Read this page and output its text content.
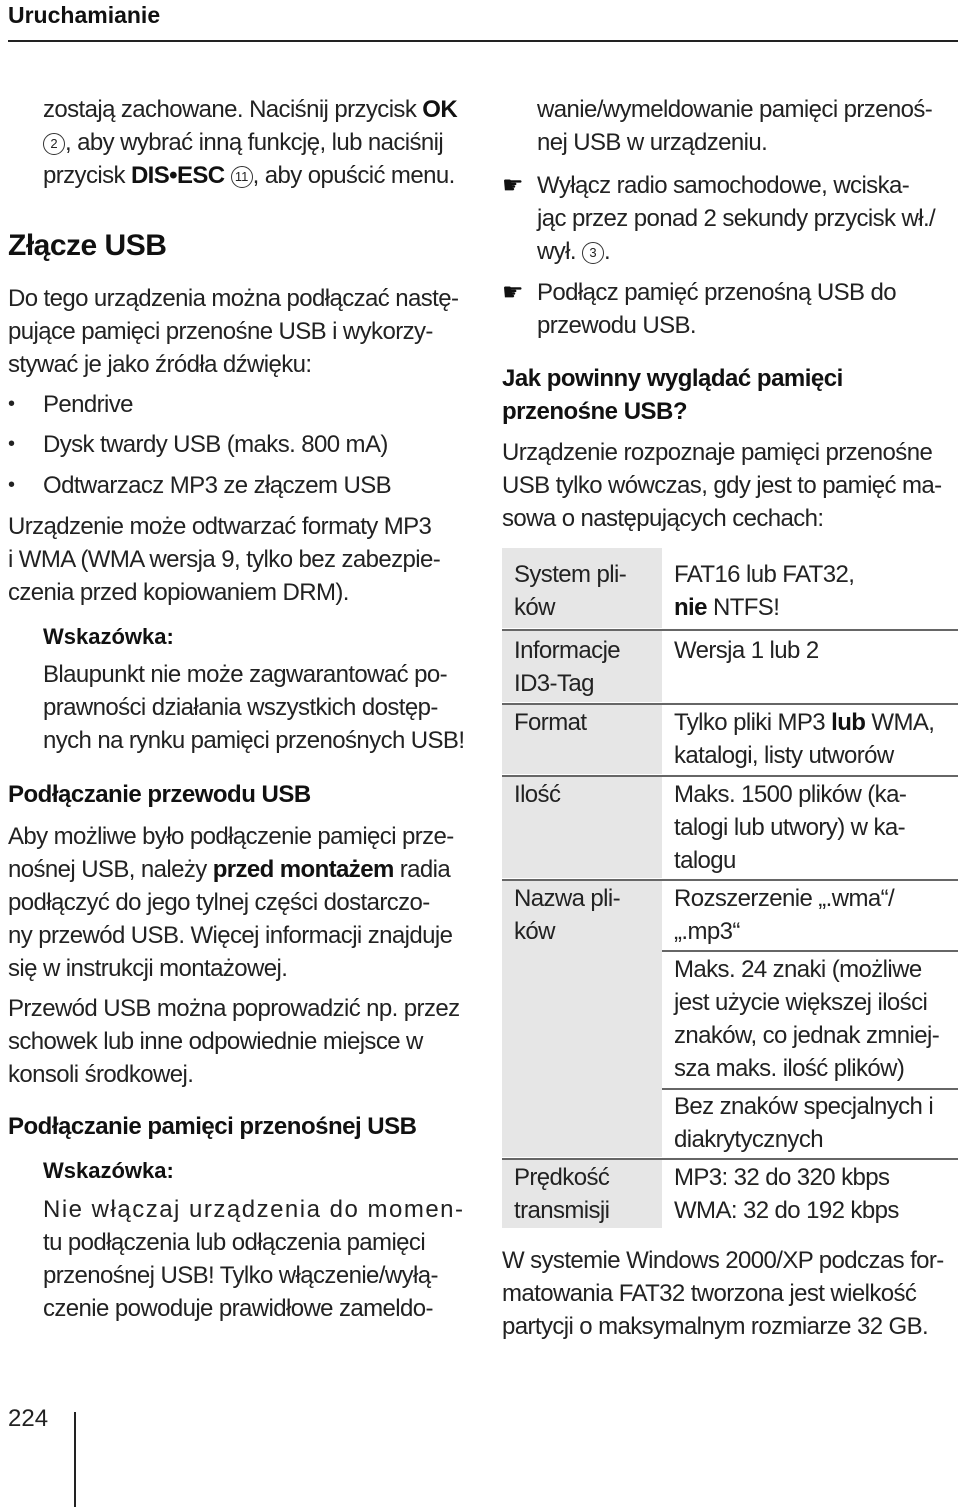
Uruchamianie

zostają zachowane. Naciśnij przycisk OK

2 , aby wybrać inną funkcję, lub naciśnij

przycisk DIS•ESC 11 , aby opuścić menu.

Złącze USB

Do tego urządzenia można podłączać nastę-

pujące pamięci przenośne USB i wykorzy-

stywać je jako źródła dźwięku:

• Pendrive

• Dysk twardy USB (maks. 800 mA)

• Odtwarzacz MP3 ze złączem USB

Urządzenie może odtwarzać formaty MP3

i WMA (WMA wersja 9, tylko bez zabezpie-

czenia przed kopiowaniem DRM).

Wskazówka:

Blaupunkt nie może zagwarantować po-

prawności działania wszystkich dostęp-

nych na rynku pamięci przenośnych USB!

Podłączanie przewodu USB

Aby możliwe było podłączenie pamięci prze-

nośnej USB, należy przed montażem radia

podłączyć do jego tylnej części dostarczo-

ny przewód USB. Więcej informacji znajduje

się w instrukcji montażowej.

Przewód USB można poprowadzić np. przez

schowek lub inne odpowiednie miejsce w

konsoli środkowej.

Podłączanie pamięci przenośnej USB

Wskazówka:

Nie włączaj urządzenia do momen-

tu podłączenia lub odłączenia pamięci

przenośnej USB! Tylko włączenie/wyłą-

czenie powoduje prawidłowe zameldo-

wanie/wymeldowanie pamięci przenoś-

nej USB w urządzeniu.

☛ Wyłącz radio samochodowe, wciska-

jąc przez ponad 2 sekundy przycisk wł./

wył. 3 .

☛ Podłącz pamięć przenośną USB do

przewodu USB.

Jak powinny wyglądać pamięci

przenośne USB?

Urządzenie rozpoznaje pamięci przenośne

USB tylko wówczas, gdy jest to pamięć ma-

sowa o następujących cechach:

System pli-

ków

FAT16 lub FAT32,

nie NTFS!

Informacje

ID3-Tag

Wersja 1 lub 2

Format	Tylko pliki MP3 lub WMA,

katalogi, listy utworów

Ilość	Maks. 1500 plików (ka-

talogi lub utwory) w ka-

talogu

Nazwa pli-

ków

Rozszerzenie „.wma“/

„.mp3“

Maks. 24 znaki (możliwe

jest użycie większej ilości

znaków, co jednak zmniej-

sza maks. ilość plików)

Bez znaków specjalnych i

diakrytycznych

Prędkość

transmisji

MP3: 32 do 320 kbps

WMA: 32 do 192 kbps

W systemie Windows 2000/XP podczas for-

matowania FAT32 tworzona jest wielkość

partycji o maksymalnym rozmiarze 32 GB.

224
